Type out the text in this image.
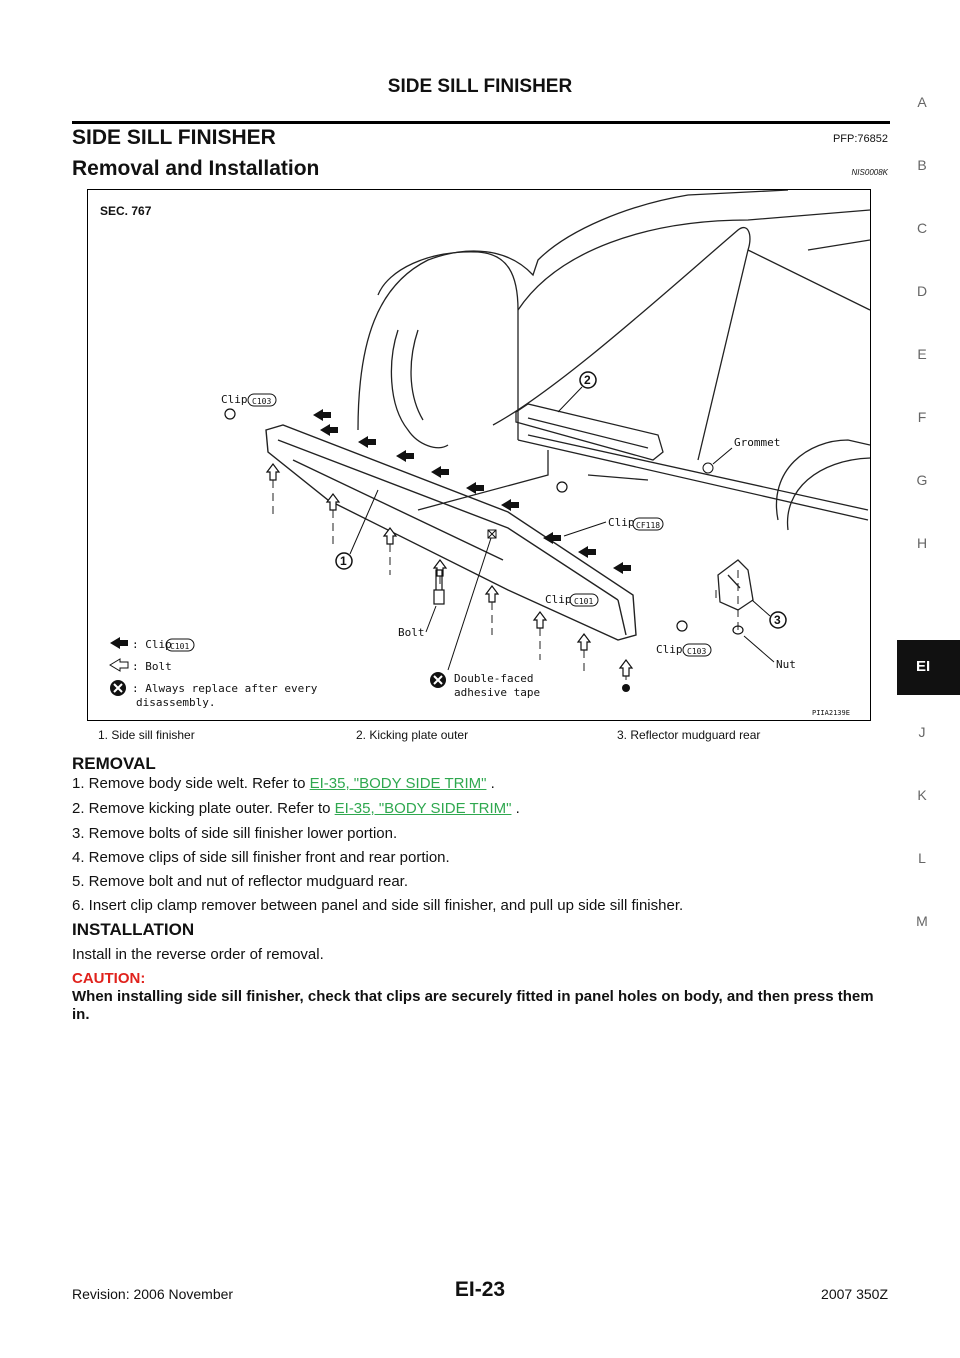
SIDE SILL FINISHER
SIDE SILL FINISHER	PFP:76852
Removal and Installation	NIS0008K
SEC. 767
Bolt
Nut
Clip C103
Grommet
Clip CF118
Clip C101
Clip C103
1
2
3
Double-faced
adhesive tape
: Clip
C101
: Bolt
: Always replace after every
disassembly.
PIIA2139E
1. Side sill finisher	2. Kicking plate outer	3. Reflector mudguard rear
REMOVAL
1. Remove body side welt. Refer to EI-35, "BODY SIDE TRIM" .
2. Remove kicking plate outer. Refer to EI-35, "BODY SIDE TRIM" .
3. Remove bolts of side sill finisher lower portion.
4. Remove clips of side sill finisher front and rear portion.
5. Remove bolt and nut of reflector mudguard rear.
6. Insert clip clamp remover between panel and side sill finisher, and pull up side sill finisher.
INSTALLATION
Install in the reverse order of removal.
CAUTION:
When installing side sill finisher, check that clips are securely fitted in panel holes on body, and then press them in.
A
B
C
D
E
F
G
H
EI
J
K
L
M
Revision: 2006 November	EI-23	2007 350Z
